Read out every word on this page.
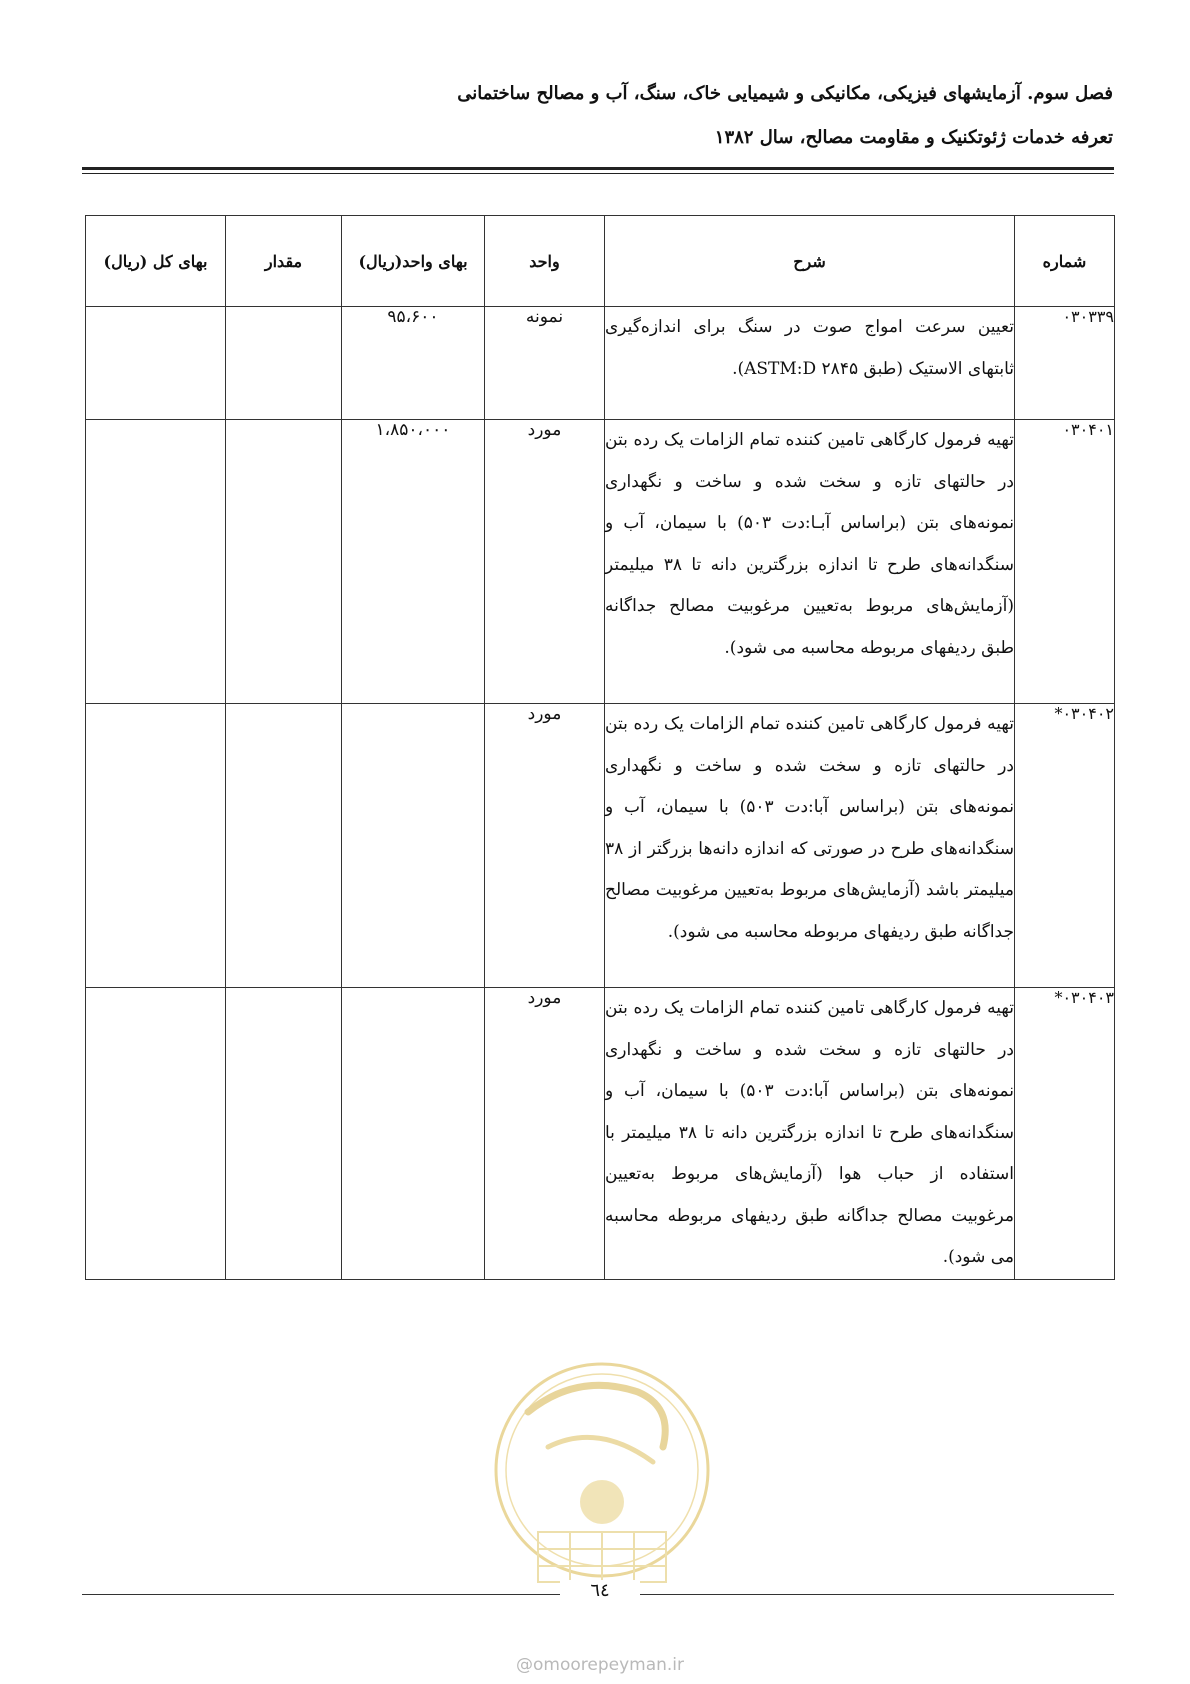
فصل سوم. آزمایشهای فیزیکی، مکانیکی و شیمیایی خاک، سنگ، آب و مصالح ساختمانی
تعرفه خدمات ژئوتکنیک و مقاومت مصالح، سال ۱۳۸۲
شماره	شرح	واحد	بهای واحد(ریال)	مقدار	بهای کل (ریال)
۰۳۰۳۳۹	تعیین سرعت امواج صوت در سنگ برای اندازه‌گیری ثابتهای الاستیک (طبق ASTM:D ۲۸۴۵).	نمونه	۹۵،۶۰۰		
۰۳۰۴۰۱	تهیه فرمول کارگاهی تامین کننده تمام الزامات یک رده بتن در حالتهای تازه و سخت شده و ساخت و نگهداری نمونه‌های بتن (براساس آبـا:دت ۵۰۳) با سیمان، آب و سنگدانه‌های طرح تا اندازه بزرگترین دانه تا ۳۸ میلیمتر (آزمایش‌های مربوط به‌تعیین مرغوبیت مصالح جداگانه طبق ردیفهای مربوطه محاسبه می شود).	مورد	۱،۸۵۰،۰۰۰		
*۰۳۰۴۰۲	تهیه فرمول کارگاهی تامین کننده تمام الزامات یک رده بتن در حالتهای تازه و سخت شده و ساخت و نگهداری نمونه‌های بتن (براساس آبا:دت ۵۰۳) با سیمان، آب و سنگدانه‌های طرح در صورتی که اندازه دانه‌ها بزرگتر از ۳۸ میلیمتر باشد (آزمایش‌های مربوط به‌تعیین مرغوبیت مصالح جداگانه طبق ردیفهای مربوطه محاسبه می شود).	مورد			
*۰۳۰۴۰۳	تهیه فرمول کارگاهی تامین کننده تمام الزامات یک رده بتن در حالتهای تازه و سخت شده و ساخت و نگهداری نمونه‌های بتن (براساس آبا:دت ۵۰۳) با سیمان، آب و سنگدانه‌های طرح تا اندازه بزرگترین دانه تا ۳۸ میلیمتر با استفاده از حباب هوا (آزمایش‌های مربوط به‌تعیین مرغوبیت مصالح جداگانه طبق ردیفهای مربوطه محاسبه می شود).	مورد			
٦٤
@omoorepeyman.ir
